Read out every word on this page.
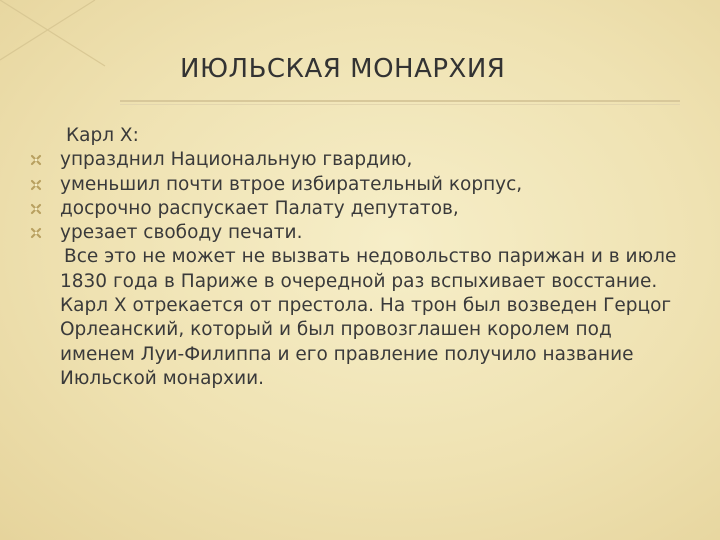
ИЮЛЬСКАЯ МОНАРХИЯ

Карл Х:

упразднил Национальную гвардию,
уменьшил почти втрое избирательный корпус,
досрочно распускает Палату депутатов,
урезает свободу печати.

Все это не может не вызвать недовольство парижан и в июле 1830 года в Париже в очередной раз вспыхивает восстание. Карл Х отрекается от престола. На трон был возведен Герцог Орлеанский, который и был провозглашен королем под именем Луи-Филиппа и его правление получило название Июльской монархии.
